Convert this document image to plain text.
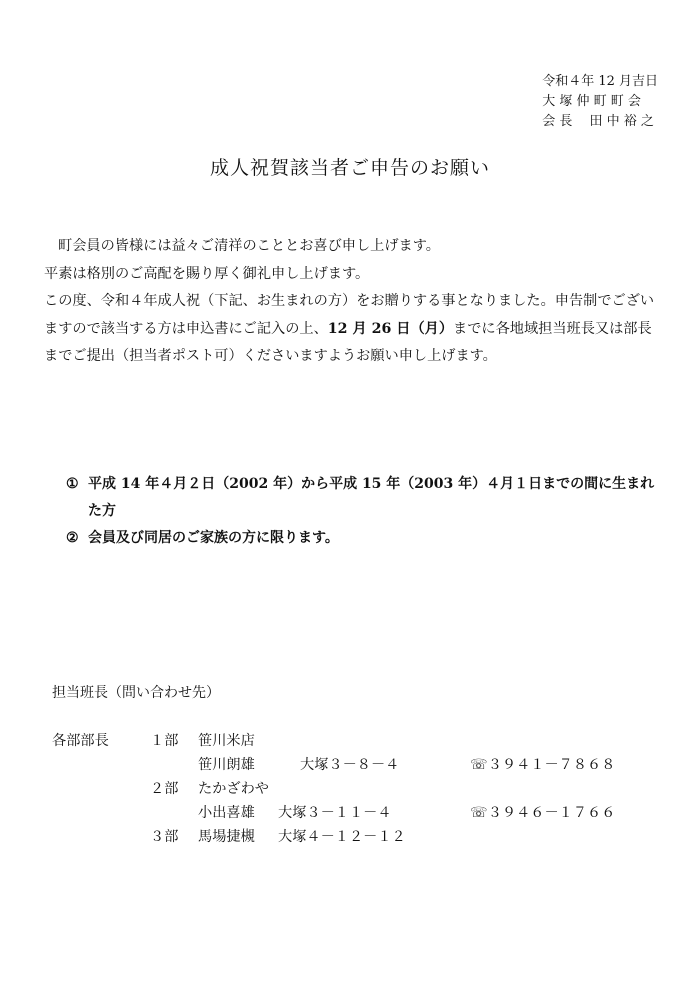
令和４年 12 月吉日
大 塚 仲 町 町 会
会 長　 田 中 裕 之
成人祝賀該当者ご申告のお願い

町会員の皆様には益々ご清祥のこととお喜び申し上げます。

平素は格別のご高配を賜り厚く御礼申し上げます。

この度、令和４年成人祝（下記、お生まれの方）をお贈りする事となりました。申告制でございますので該当する方は申込書にご記入の上、12 月 26 日（月）までに各地域担当班長又は部長までご提出（担当者ポスト可）くださいますようお願い申し上げます。

① 平成 14 年４月２日（2002 年）から平成 15 年（2003 年）４月１日までの間に生まれた方
② 会員及び同居のご家族の方に限ります。
担当班長（問い合わせ先）
各部部長	１部 笹川米店
笹川朗雄	大塚３－８－４	☏３９４１－７８６８
２部 たかざわや
小出喜雄 大塚３－１１－４	☏３９４６－１７６６
３部 馬場捷槻 大塚４－１２－１２
